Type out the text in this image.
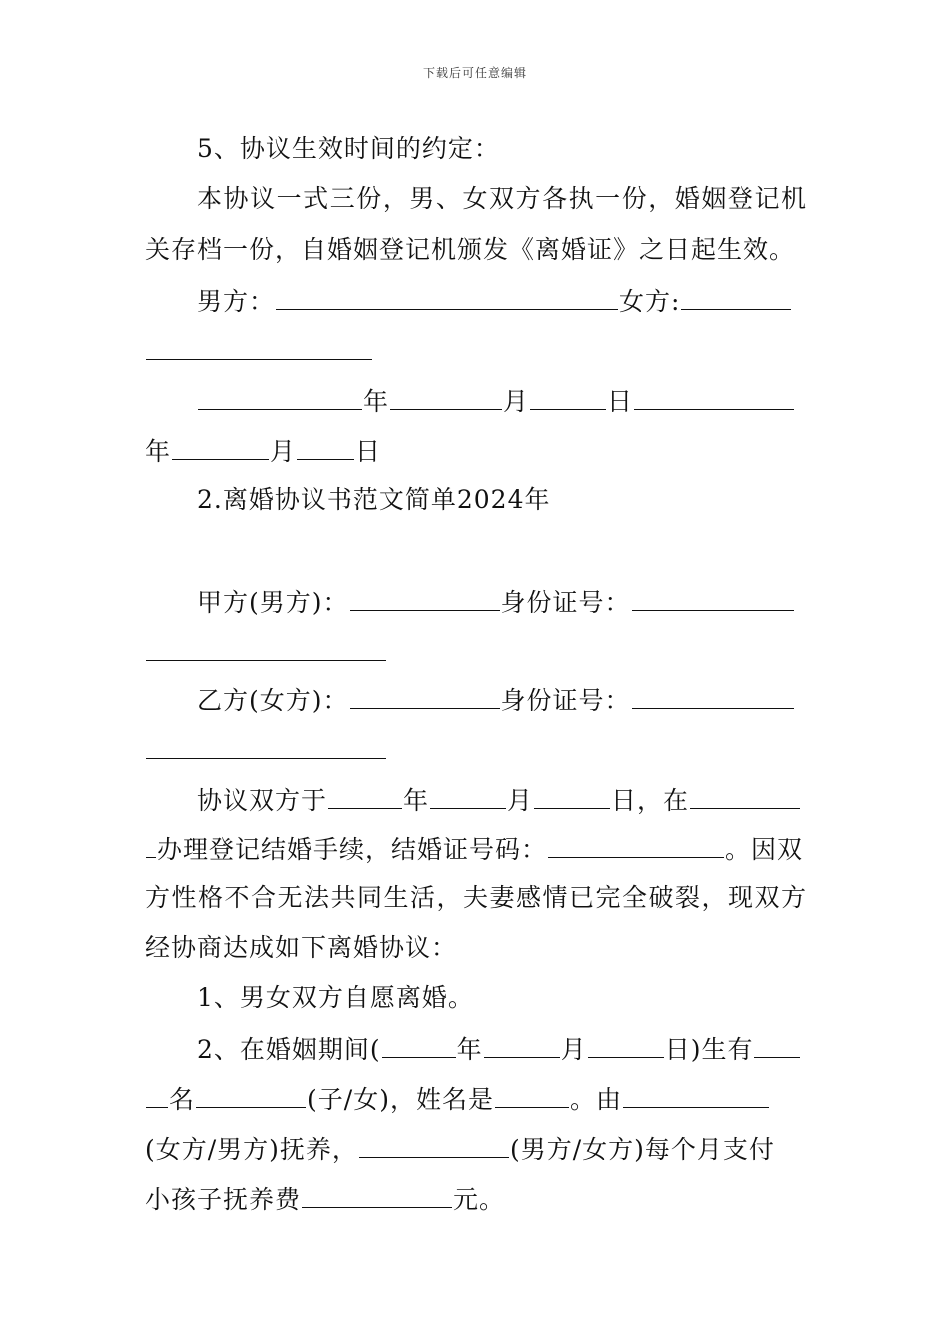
下载后可任意编辑
5、协议生效时间的约定：
本协议一式三份，男、女双方各执一份，婚姻登记机
关存档一份，自婚姻登记机颁发《离婚证》之日起生效。
男方：	女方:
年	月	日
年	月 日
2.离婚协议书范文简单2024年
甲方(男方)：	身份证号：
乙方(女方)：	身份证号：
协议双方于	年	月	日，在
办理登记结婚手续，结婚证号码：	。因双
方性格不合无法共同生活，夫妻感情已完全破裂，现双方
经协商达成如下离婚协议：
1、男女双方自愿离婚。
2、在婚姻期间(	年	月	日)生有
名	(子/女)，姓名是	。由
(女方/男方)抚养，	(男方/女方)每个月支付
小孩子抚养费	元。
